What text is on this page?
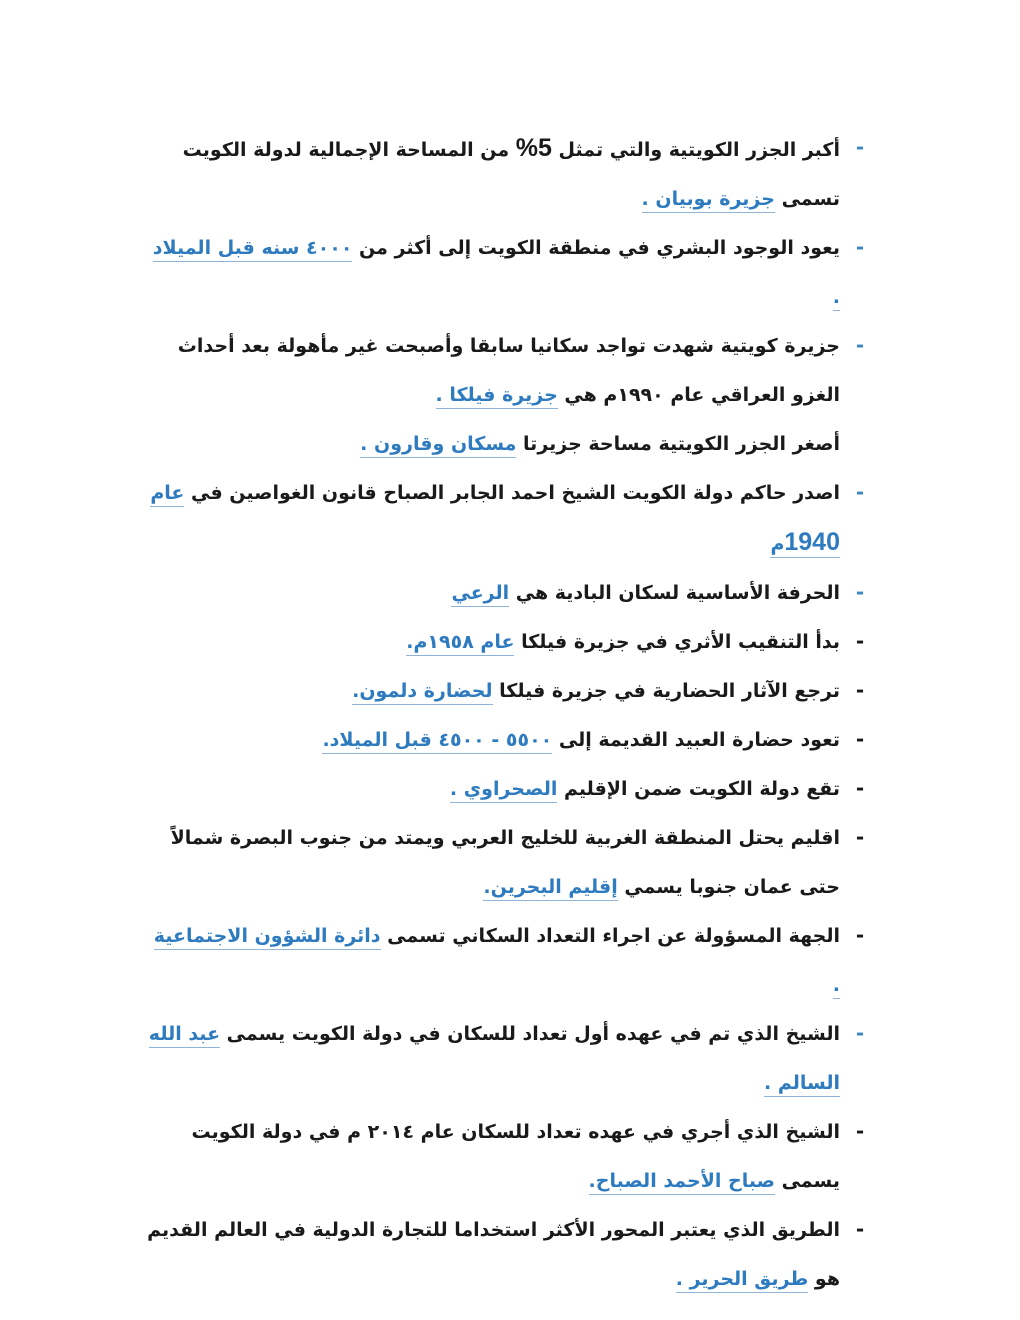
-
أكبر الجزر الكويتية والتي تمثل 5% من المساحة الإجمالية لدولة الكويت تسمى جزيرة بوبيان .
-
يعود الوجود البشري في منطقة الكويت إلى أكثر من ٤٠٠٠ سنه قبل الميلاد .
-
جزيرة كويتية شهدت تواجد سكانيا سابقا وأصبحت غير مأهولة بعد أحداث الغزو العراقي عام ١٩٩٠م هي جزيرة فيلكا .
أصغر الجزر الكويتية مساحة جزيرتا مسكان وقارون .
-
اصدر حاكم دولة الكويت الشيخ احمد الجابر الصباح قانون الغواصين في عام 1940م
-
الحرفة الأساسية لسكان البادية هي الرعي
-
بدأ التنقيب الأثري في جزيرة فيلكا عام ١٩٥٨م.
-
ترجع الآثار الحضارية في جزيرة فيلكا لحضارة دلمون.
-
تعود حضارة العبيد القديمة إلى ٥٥٠٠ - ٤٥٠٠ قبل الميلاد.
-
تقع دولة الكويت ضمن الإقليم الصحراوي .
-
اقليم يحتل المنطقة الغربية للخليج العربي ويمتد من جنوب البصرة شمالاً حتى عمان جنوبا يسمي إقليم البحرين.
-
الجهة المسؤولة عن اجراء التعداد السكاني تسمى دائرة الشؤون الاجتماعية .
-
الشيخ الذي تم في عهده أول تعداد للسكان في دولة الكويت يسمى عبد الله السالم .
-
الشيخ الذي أجري في عهده تعداد للسكان عام ٢٠١٤ م في دولة الكويت يسمى صباح الأحمد الصباح.
-
الطريق الذي يعتبر المحور الأكثر استخداما للتجارة الدولية في العالم القديم هو طريق الحرير .
